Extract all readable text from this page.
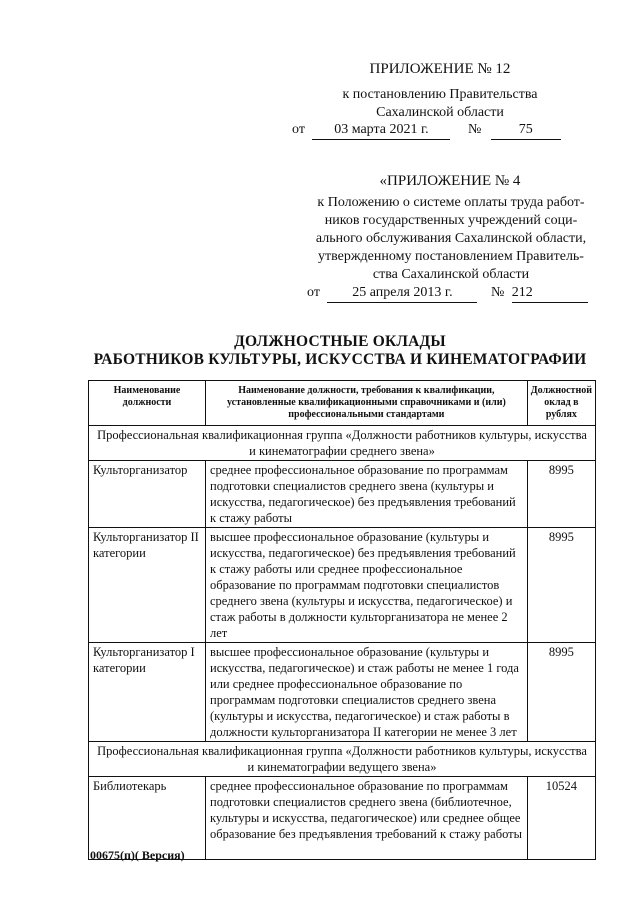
ПРИЛОЖЕНИЕ № 12
к постановлению Правительства
Сахалинской области
от 03 марта 2021 г.	№	75
«ПРИЛОЖЕНИЕ № 4
к Положению о системе оплаты труда работ-
ников государственных учреждений соци-
ального обслуживания Сахалинской области,
утвержденному постановлением Правитель-
ства Сахалинской области
от 25 апреля 2013 г.	№ 212
ДОЛЖНОСТНЫЕ ОКЛАДЫ
РАБОТНИКОВ КУЛЬТУРЫ, ИСКУССТВА И КИНЕМАТОГРАФИИ
Наименование должности	Наименование должности, требования к квалификации, установленные квалификационными справочниками и (или) профессиональными стандартами	Должностной оклад в рублях
Профессиональная квалификационная группа «Должности работников культуры, искусства и кинематографии среднего звена»		
Культорганизатор	среднее профессиональное образование по программам подготовки специалистов среднего звена (культуры и искусства, педагогическое) без предъявления требований к стажу работы	8995
Культорганизатор II категории	высшее профессиональное образование (культуры и искусства, педагогическое) без предъявления требований к стажу работы или среднее профессиональное образование по программам подготовки специалистов среднего звена (культуры и искусства, педагогическое) и стаж работы в должности культорганизатора не менее 2 лет	8995
Культорганизатор I категории	высшее профессиональное образование (культуры и искусства, педагогическое) и стаж работы не менее 1 года или среднее профессиональное образование по программам подготовки специалистов среднего звена (культуры и искусства, педагогическое) и стаж работы в должности культорганизатора II категории не менее 3 лет	8995
Профессиональная квалификационная группа «Должности работников культуры, искусства и кинематографии ведущего звена»		
Библиотекарь	среднее профессиональное образование по программам подготовки специалистов среднего звена (библиотечное, культуры и искусства, педагогическое) или среднее общее образование без предъявления требований к стажу работы	10524
00675(п)( Версия)
